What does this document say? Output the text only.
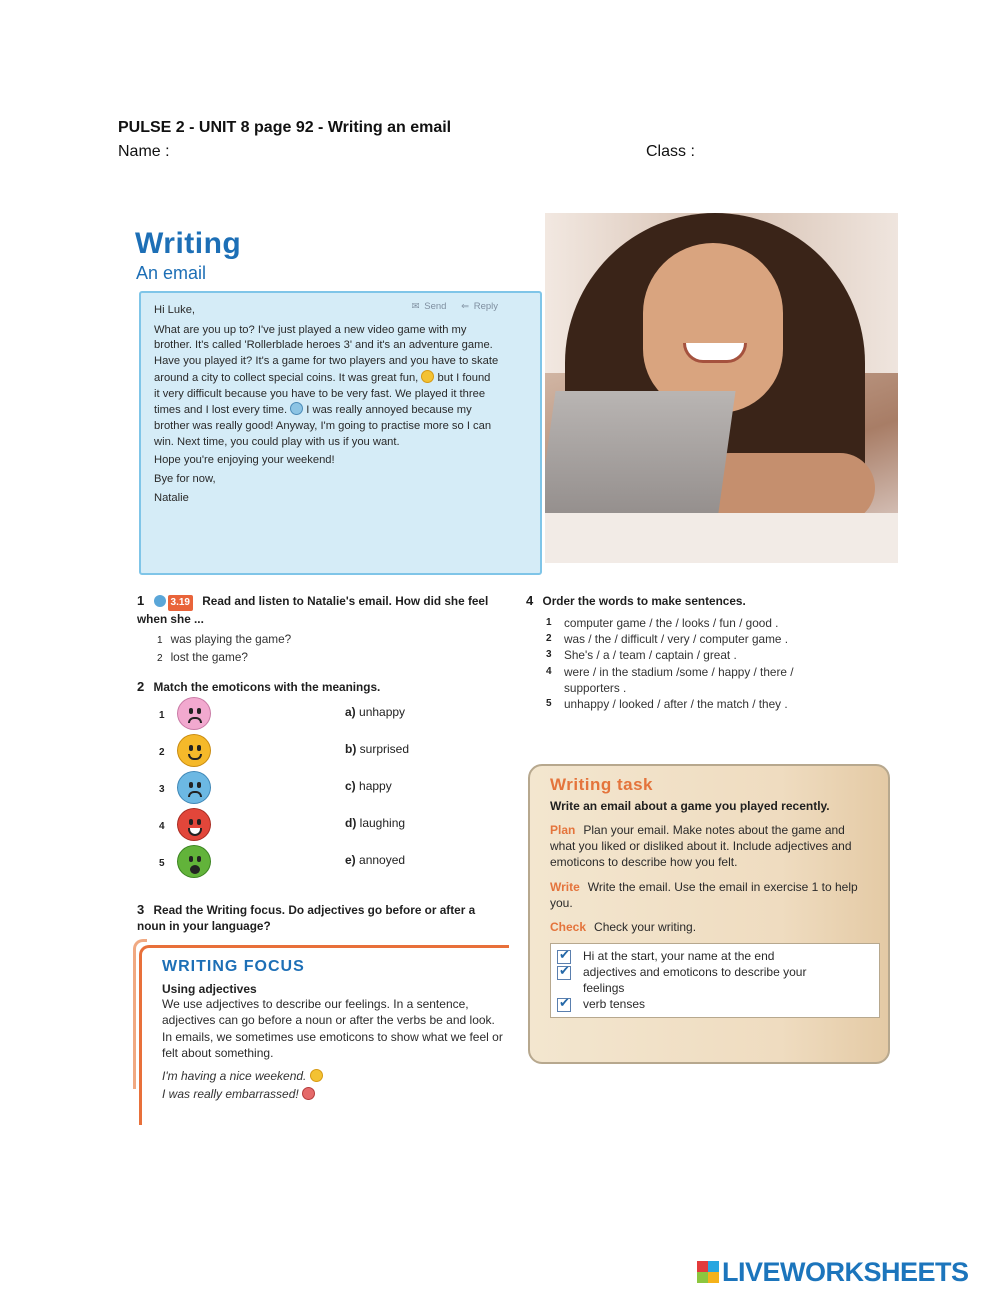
PULSE 2 - UNIT 8 page 92 - Writing an email
Name :	Class :
Writing
An email
✉ Send ⇐ Reply

Hi Luke,

What are you up to? I've just played a new video game with my brother. It's called 'Rollerblade heroes 3' and it's an adventure game. Have you played it? It's a game for two players and you have to skate around a city to collect special coins. It was great fun, but I found it very difficult because you have to be very fast. We played it three times and I lost every time. I was really annoyed because my brother was really good! Anyway, I'm going to practise more so I can win. Next time, you could play with us if you want.

Hope you're enjoying your weekend!

Bye for now,

Natalie

1	3.19 Read and listen to Natalie's email. How did she feel when she ...
1 was playing the game?
2 lost the game?
2 Match the emoticons with the meanings.
1	a) unhappy
2	b) surprised
3	c) happy
4	d) laughing
5	e) annoyed
3 Read the Writing focus. Do adjectives go before or after a noun in your language?
WRITING FOCUS
Using adjectives
We use adjectives to describe our feelings. In a sentence, adjectives can go before a noun or after the verbs be and look. In emails, we sometimes use emoticons to show what we feel or felt about something.
I'm having a nice weekend.
I was really embarrassed!
4 Order the words to make sentences.
1 computer game / the / looks / fun / good .
2 was / the / difficult / very / computer game .
3 She's / a / team / captain / great .
4 were / in the stadium /some / happy / there / supporters .
5 unhappy / looked / after / the match / they .
Writing task
Write an email about a game you played recently.
Plan Plan your email. Make notes about the game and what you liked or disliked about it. Include adjectives and emoticons to describe how you felt.
Write Write the email. Use the email in exercise 1 to help you.
Check Check your writing.
✔
Hi at the start, your name at the end
✔
adjectives and emoticons to describe your feelings
✔
verb tenses
LIVEWORKSHEETS
